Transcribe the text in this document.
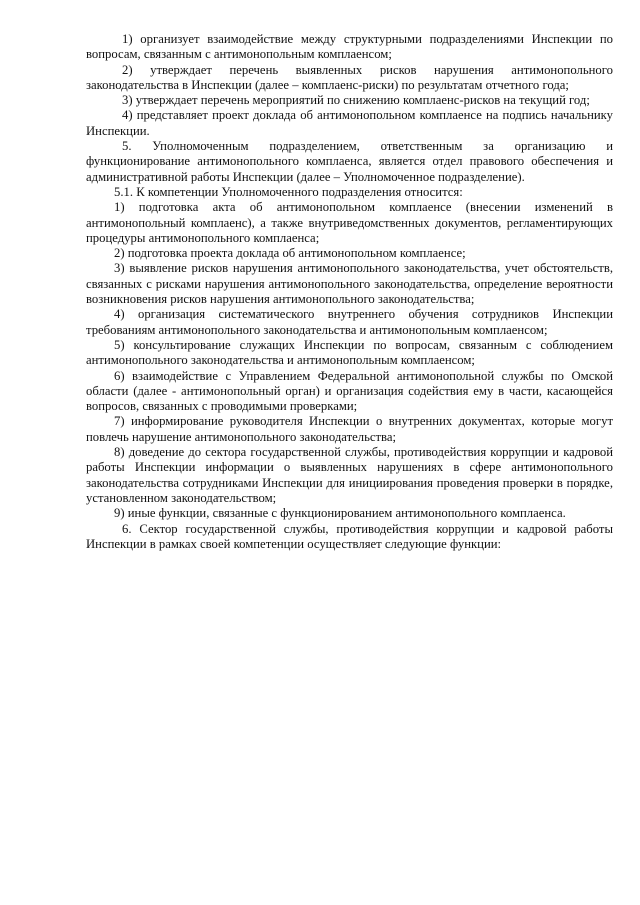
1) организует взаимодействие между структурными подразделениями Инспекции по вопросам, связанным с антимонопольным комплаенсом;

2) утверждает перечень выявленных рисков нарушения антимонопольного законодательства в Инспекции (далее – комплаенс-риски) по результатам отчетного года;

3) утверждает перечень мероприятий по снижению комплаенс-рисков на текущий год;

4) представляет проект доклада об антимонопольном комплаенсе на подпись начальнику Инспекции.

5. Уполномоченным подразделением, ответственным за организацию и функционирование антимонопольного комплаенса, является отдел правового обеспечения и административной работы Инспекции (далее – Уполномоченное подразделение).

5.1. К компетенции Уполномоченного подразделения относится:

1) подготовка акта об антимонопольном комплаенсе (внесении изменений в антимонопольный комплаенс), а также внутриведомственных документов, регламентирующих процедуры антимонопольного комплаенса;

2) подготовка проекта доклада об антимонопольном комплаенсе;

3) выявление рисков нарушения антимонопольного законодательства, учет обстоятельств, связанных с рисками нарушения антимонопольного законодательства, определение вероятности возникновения рисков нарушения антимонопольного законодательства;

4) организация систематического внутреннего обучения сотрудников Инспекции требованиям антимонопольного законодательства и антимонопольным комплаенсом;

5) консультирование служащих Инспекции по вопросам, связанным с соблюдением антимонопольного законодательства и антимонопольным комплаенсом;

6) взаимодействие с Управлением Федеральной антимонопольной службы по Омской области (далее - антимонопольный орган) и организация содействия ему в части, касающейся вопросов, связанных с проводимыми проверками;

7) информирование руководителя Инспекции о внутренних документах, которые могут повлечь нарушение антимонопольного законодательства;

8) доведение до сектора государственной службы, противодействия коррупции и кадровой работы Инспекции информации о выявленных нарушениях в сфере антимонопольного законодательства сотрудниками Инспекции для инициирования проведения проверки в порядке, установленном законодательством;

9) иные функции, связанные с функционированием антимонопольного комплаенса.

6. Сектор государственной службы, противодействия коррупции и кадровой работы Инспекции в рамках своей компетенции осуществляет следующие функции:
